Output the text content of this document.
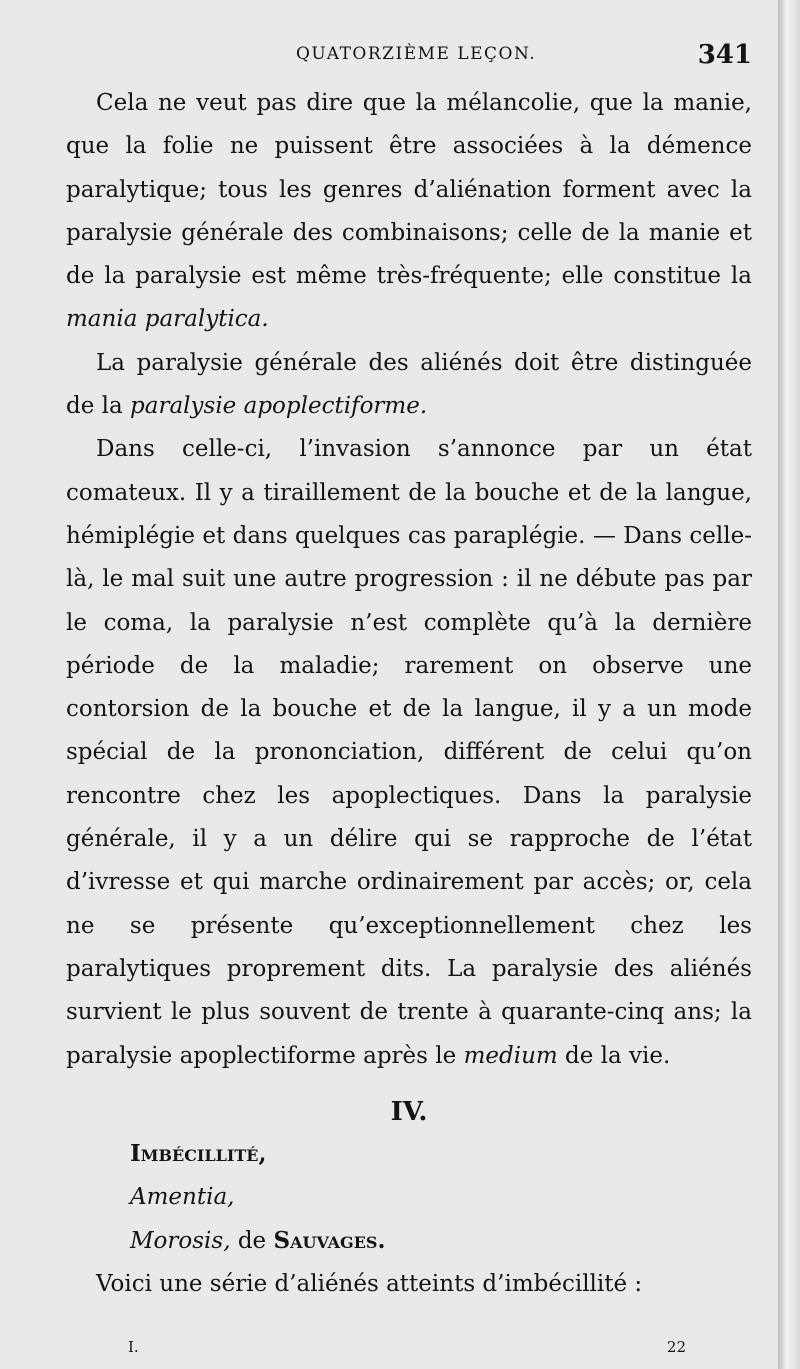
QUATORZIÈME LEÇON.	341

Cela ne veut pas dire que la mélancolie, que la manie, que la folie ne puissent être associées à la démence paralytique; tous les genres d’aliénation forment avec la paralysie générale des combinaisons; celle de la manie et de la paralysie est même très-fréquente; elle constitue la mania paralytica.

La paralysie générale des aliénés doit être distinguée de la paralysie apoplectiforme.

Dans celle-ci, l’invasion s’annonce par un état comateux. Il y a tiraillement de la bouche et de la langue, hémiplégie et dans quelques cas paraplégie. — Dans celle-là, le mal suit une autre progression : il ne débute pas par le coma, la paralysie n’est complète qu’à la dernière période de la maladie; rarement on observe une contorsion de la bouche et de la langue, il y a un mode spécial de la prononciation, différent de celui qu’on rencontre chez les apoplectiques. Dans la paralysie générale, il y a un délire qui se rapproche de l’état d’ivresse et qui marche ordinairement par accès; or, cela ne se présente qu’exceptionnellement chez les paralytiques proprement dits. La paralysie des aliénés survient le plus souvent de trente à quarante-cinq ans; la paralysie apoplectiforme après le medium de la vie.

IV.

Imbécillité,

Amentia,

Morosis, de Sauvages.

Voici une série d’aliénés atteints d’imbécillité :

I.	22
